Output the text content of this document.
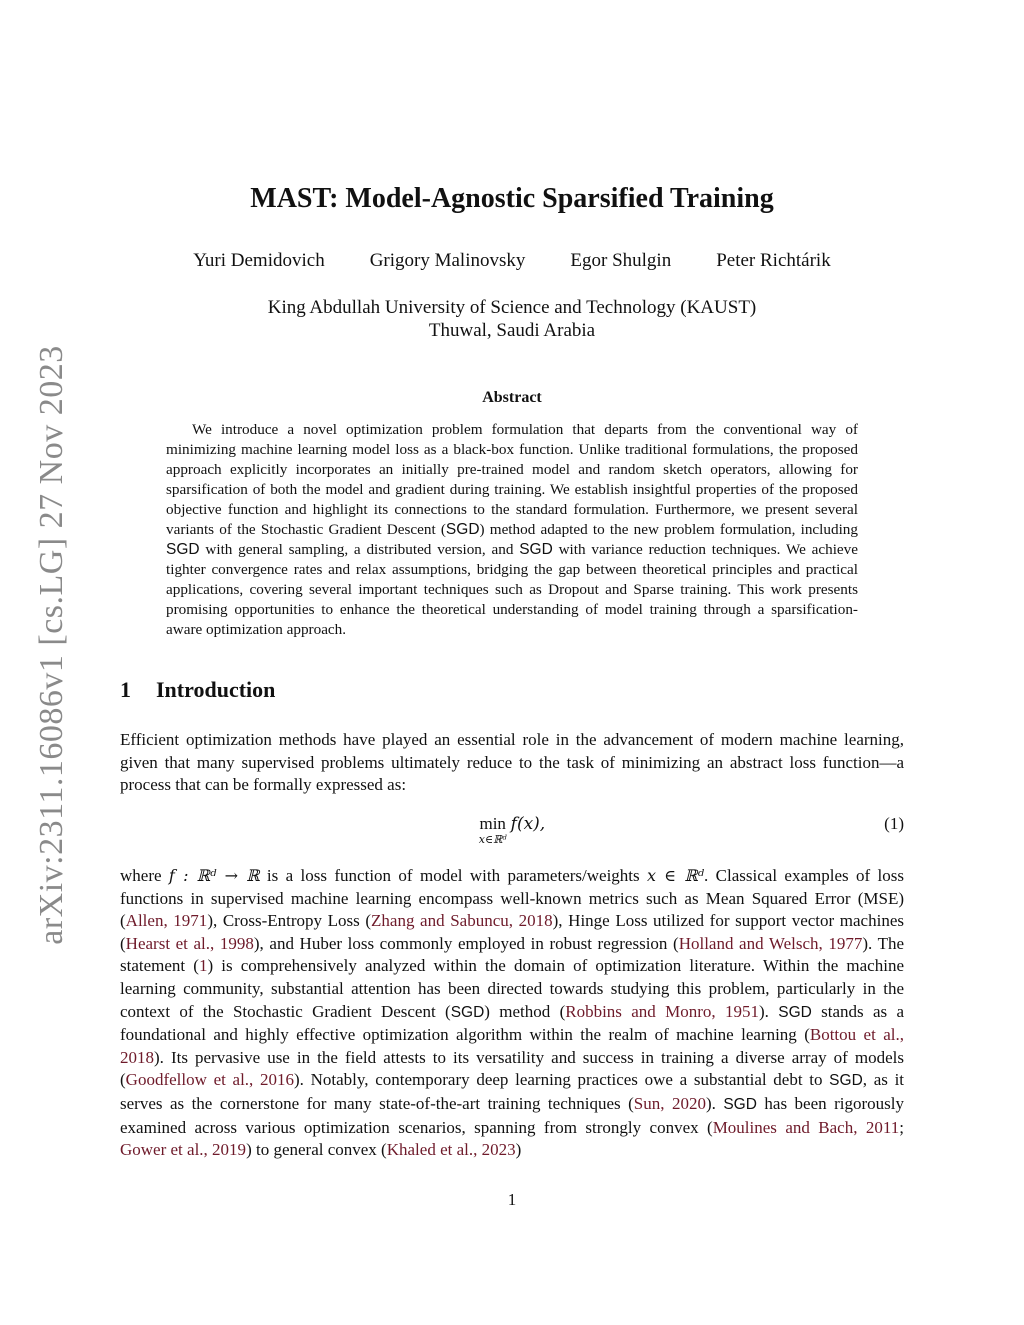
arXiv:2311.16086v1 [cs.LG] 27 Nov 2023
MAST: Model-Agnostic Sparsified Training
Yuri Demidovich Grigory Malinovsky Egor Shulgin Peter Richtárik
King Abdullah University of Science and Technology (KAUST)
Thuwal, Saudi Arabia
Abstract

We introduce a novel optimization problem formulation that departs from the conventional way of minimizing machine learning model loss as a black-box function. Unlike traditional formulations, the proposed approach explicitly incorporates an initially pre-trained model and random sketch operators, allowing for sparsification of both the model and gradient during training. We establish insightful properties of the proposed objective function and highlight its connections to the standard formulation. Furthermore, we present several variants of the Stochastic Gradient Descent (SGD) method adapted to the new problem formulation, including SGD with general sampling, a distributed version, and SGD with variance reduction techniques. We achieve tighter convergence rates and relax assumptions, bridging the gap between theoretical principles and practical applications, covering several important techniques such as Dropout and Sparse training. This work presents promising opportunities to enhance the theoretical understanding of model training through a sparsification-aware optimization approach.

1 Introduction

Efficient optimization methods have played an essential role in the advancement of modern machine learning, given that many supervised problems ultimately reduce to the task of minimizing an abstract loss function—a process that can be formally expressed as:

min
x∈ℝᵈ
f(x),	(1)

where f : ℝᵈ → ℝ is a loss function of model with parameters/weights x ∈ ℝᵈ. Classical examples of loss functions in supervised machine learning encompass well-known metrics such as Mean Squared Error (MSE) (Allen, 1971), Cross-Entropy Loss (Zhang and Sabuncu, 2018), Hinge Loss utilized for support vector machines (Hearst et al., 1998), and Huber loss commonly employed in robust regression (Holland and Welsch, 1977). The statement (1) is comprehensively analyzed within the domain of optimization literature. Within the machine learning community, substantial attention has been directed towards studying this problem, particularly in the context of the Stochastic Gradient Descent (SGD) method (Robbins and Monro, 1951). SGD stands as a foundational and highly effective optimization algorithm within the realm of machine learning (Bottou et al., 2018). Its pervasive use in the field attests to its versatility and success in training a diverse array of models (Goodfellow et al., 2016). Notably, contemporary deep learning practices owe a substantial debt to SGD, as it serves as the cornerstone for many state-of-the-art training techniques (Sun, 2020). SGD has been rigorously examined across various optimization scenarios, spanning from strongly convex (Moulines and Bach, 2011; Gower et al., 2019) to general convex (Khaled et al., 2023)

1
